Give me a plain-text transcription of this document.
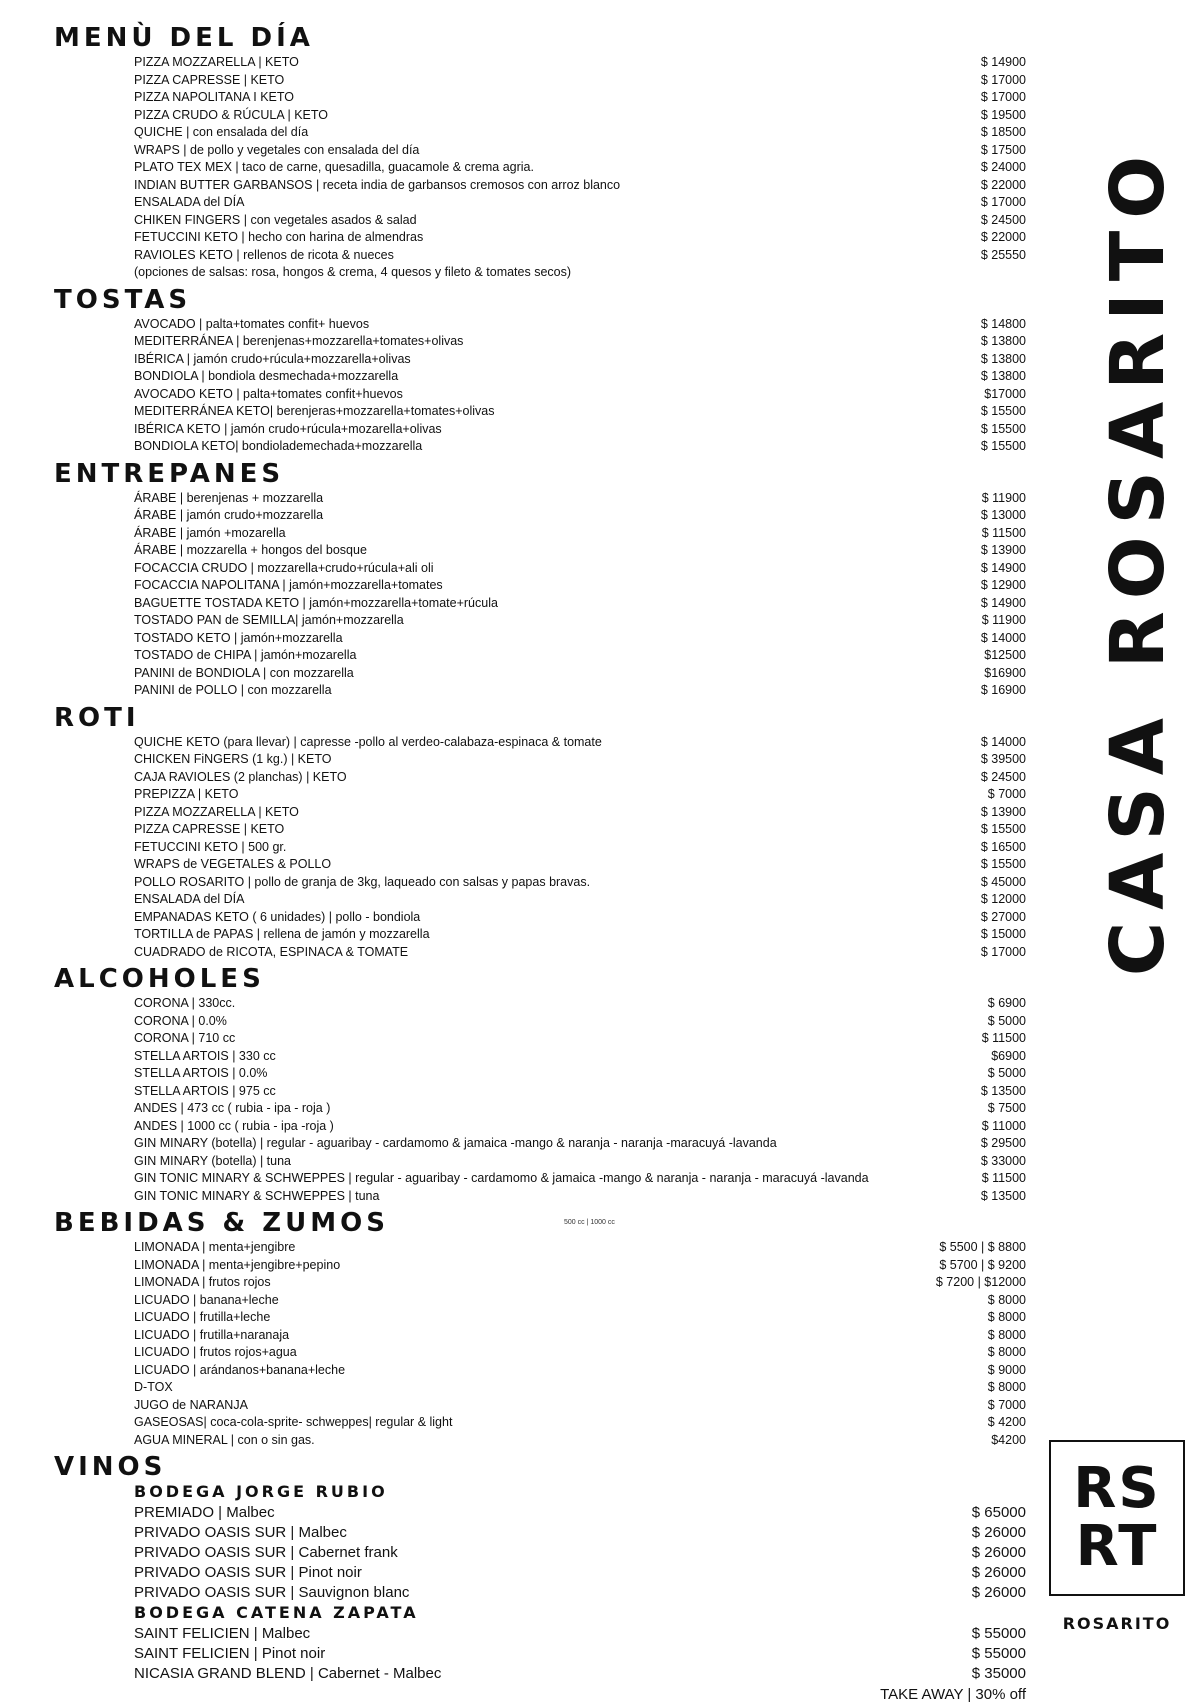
MENÙ DEL DÍA
PIZZA MOZZARELLA | KETO	$ 14900
PIZZA CAPRESSE | KETO	$ 17000
PIZZA NAPOLITANA I KETO	$ 17000
PIZZA CRUDO & RÚCULA | KETO	$ 19500
QUICHE | con ensalada del día	$ 18500
WRAPS | de pollo y vegetales con ensalada del día	$ 17500
PLATO TEX MEX | taco de carne, quesadilla, guacamole & crema agria.	$ 24000
INDIAN BUTTER GARBANSOS | receta india de garbansos cremosos con arroz blanco	$ 22000
ENSALADA del DÍA	$ 17000
CHIKEN FINGERS | con vegetales asados & salad	$ 24500
FETUCCINI KETO | hecho con harina de almendras	$ 22000
RAVIOLES KETO | rellenos de ricota & nueces	$ 25550
(opciones de salsas: rosa, hongos & crema, 4 quesos y fileto & tomates secos)
TOSTAS
AVOCADO | palta+tomates confit+ huevos	$ 14800
MEDITERRÁNEA | berenjenas+mozzarella+tomates+olivas	$ 13800
IBÉRICA | jamón crudo+rúcula+mozzarella+olivas	$ 13800
BONDIOLA | bondiola desmechada+mozzarella	$ 13800
AVOCADO KETO | palta+tomates confit+huevos	$17000
MEDITERRÁNEA KETO| berenjeras+mozzarella+tomates+olivas	$ 15500
IBÉRICA KETO | jamón crudo+rúcula+mozarella+olivas	$ 15500
BONDIOLA KETO| bondiolademechada+mozzarella	$ 15500
ENTREPANES
ÁRABE | berenjenas + mozzarella	$ 11900
ÁRABE | jamón crudo+mozzarella	$ 13000
ÁRABE | jamón +mozarella	$ 11500
ÁRABE | mozzarella + hongos del bosque	$ 13900
FOCACCIA CRUDO | mozzarella+crudo+rúcula+ali oli	$ 14900
FOCACCIA NAPOLITANA | jamón+mozzarella+tomates	$ 12900
BAGUETTE TOSTADA KETO | jamón+mozzarella+tomate+rúcula	$ 14900
TOSTADO PAN de SEMILLA| jamón+mozzarella	$ 11900
TOSTADO KETO | jamón+mozzarella	$ 14000
TOSTADO de CHIPA | jamón+mozarella	$12500
PANINI de BONDIOLA | con mozzarella	$16900
PANINI de POLLO | con mozzarella	$ 16900
ROTI
QUICHE KETO (para llevar) | capresse -pollo al verdeo-calabaza-espinaca & tomate	$ 14000
CHICKEN FiNGERS (1 kg.) | KETO	$ 39500
CAJA RAVIOLES (2 planchas) | KETO	$ 24500
PREPIZZA | KETO	$ 7000
PIZZA MOZZARELLA | KETO	$ 13900
PIZZA CAPRESSE | KETO	$ 15500
FETUCCINI KETO | 500 gr.	$ 16500
WRAPS de VEGETALES & POLLO	$ 15500
POLLO ROSARITO | pollo de granja de 3kg, laqueado con salsas y papas bravas.	$ 45000
ENSALADA del DÍA	$ 12000
EMPANADAS KETO ( 6 unidades) | pollo - bondiola	$ 27000
TORTILLA de PAPAS | rellena de jamón y mozzarella	$ 15000
CUADRADO de RICOTA, ESPINACA & TOMATE	$ 17000
ALCOHOLES
CORONA | 330cc.	$ 6900
CORONA | 0.0%	$ 5000
CORONA | 710 cc	$ 11500
STELLA ARTOIS | 330 cc	$6900
STELLA ARTOIS | 0.0%	$ 5000
STELLA ARTOIS | 975 cc	$ 13500
ANDES | 473 cc ( rubia - ipa - roja )	$ 7500
ANDES | 1000 cc ( rubia - ipa -roja )	$ 11000
GIN MINARY (botella) | regular - aguaribay - cardamomo & jamaica -mango & naranja - naranja -maracuyá -lavanda	$ 29500
GIN MINARY (botella) | tuna	$ 33000
GIN TONIC MINARY & SCHWEPPES | regular - aguaribay - cardamomo & jamaica -mango & naranja - naranja - maracuyá -lavanda	$ 11500
GIN TONIC MINARY & SCHWEPPES | tuna	$ 13500
BEBIDAS & ZUMOS	500 cc | 1000 cc
LIMONADA | menta+jengibre	$ 5500 | $ 8800
LIMONADA | menta+jengibre+pepino	$ 5700 | $ 9200
LIMONADA | frutos rojos	$ 7200 | $12000
LICUADO | banana+leche	$ 8000
LICUADO | frutilla+leche	$ 8000
LICUADO | frutilla+naranaja	$ 8000
LICUADO | frutos rojos+agua	$ 8000
LICUADO | arándanos+banana+leche	$ 9000
D-TOX	$ 8000
JUGO de NARANJA	$ 7000
GASEOSAS| coca-cola-sprite- schweppes| regular & light	$ 4200
AGUA MINERAL | con o sin gas.	$4200
VINOS
BODEGA JORGE RUBIO
PREMIADO | Malbec	$ 65000
PRIVADO OASIS SUR | Malbec	$ 26000
PRIVADO OASIS SUR | Cabernet frank	$ 26000
PRIVADO OASIS SUR | Pinot noir	$ 26000
PRIVADO OASIS SUR | Sauvignon blanc	$ 26000
BODEGA CATENA ZAPATA
SAINT FELICIEN | Malbec	$ 55000
SAINT FELICIEN | Pinot noir	$ 55000
NICASIA GRAND BLEND | Cabernet - Malbec	$ 35000
TAKE AWAY | 30% off
CASA ROSARITO
RS
RT
ROSARITO
